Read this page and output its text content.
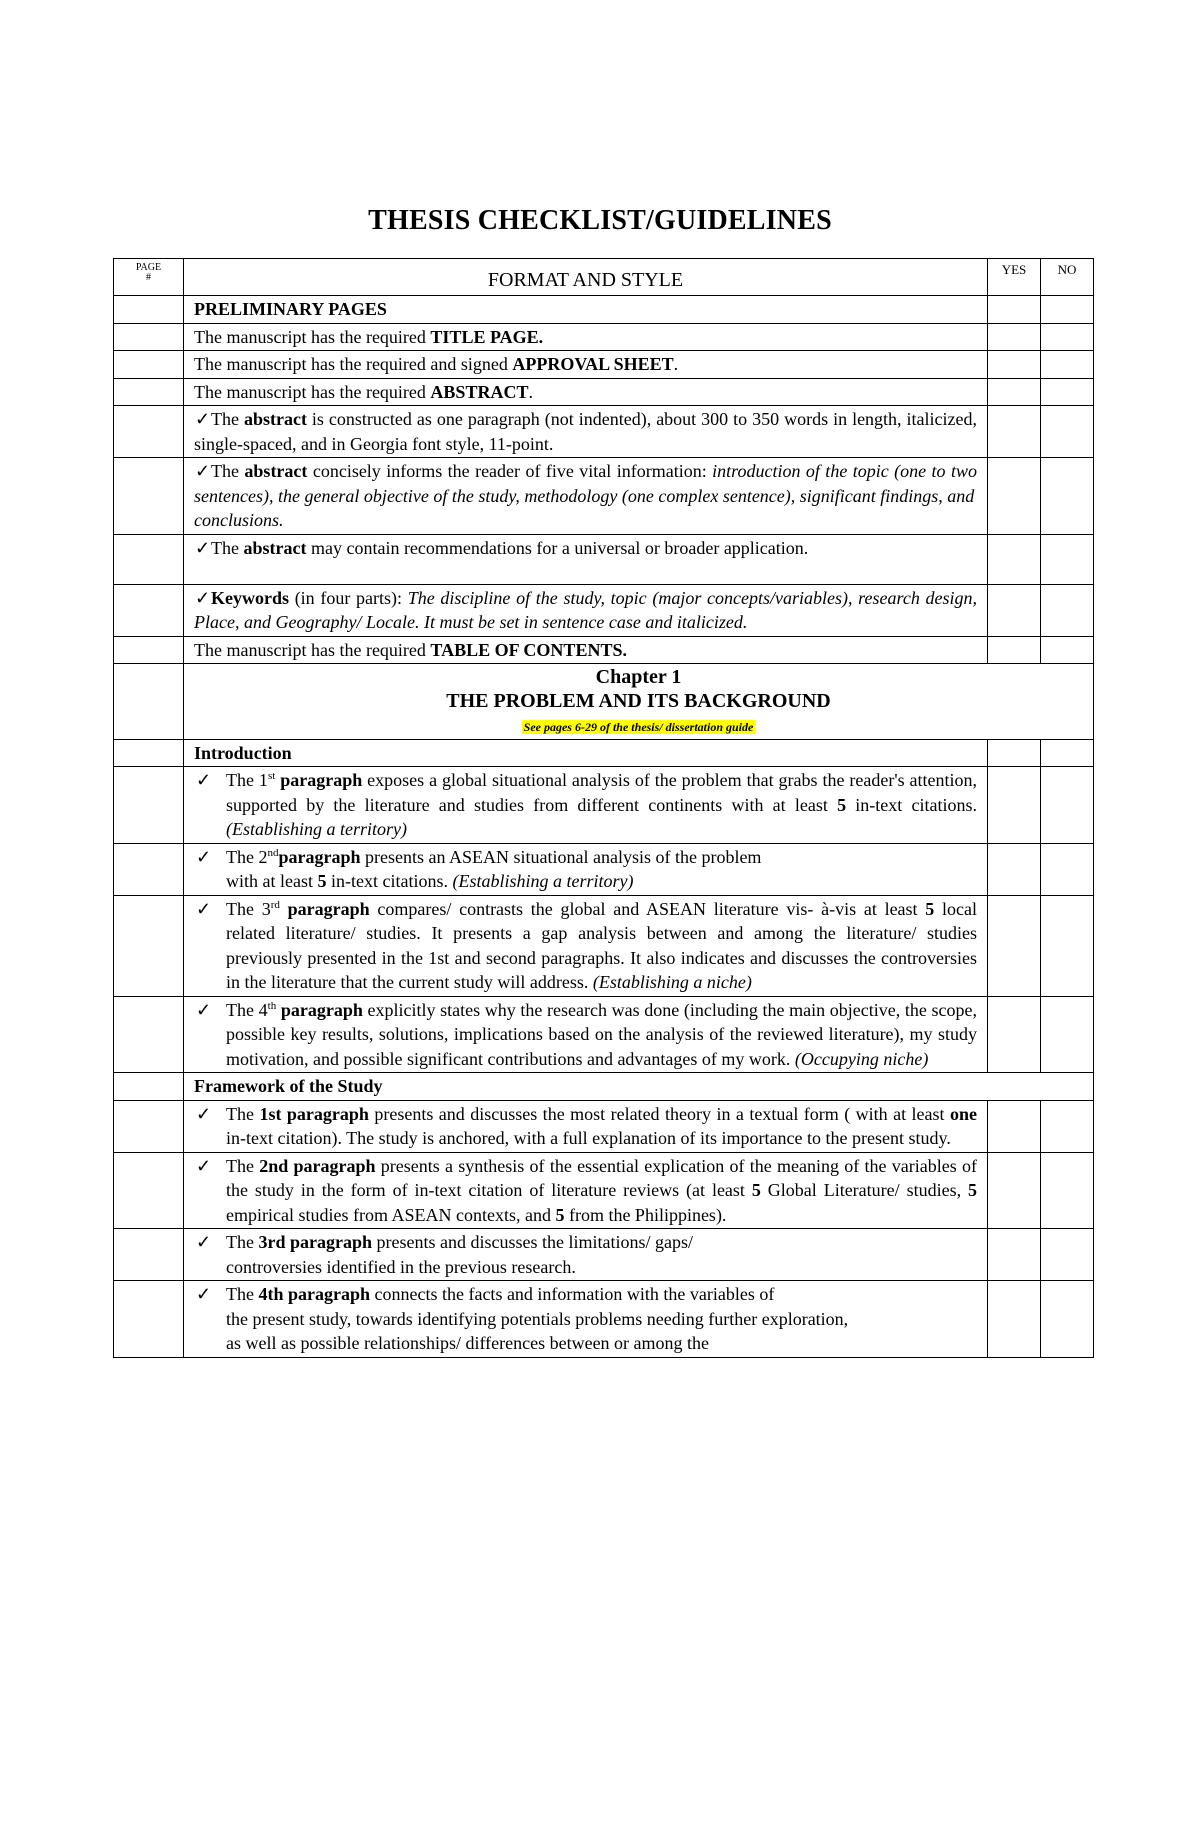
THESIS CHECKLIST/GUIDELINES
PAGE
#	FORMAT AND STYLE	YES	NO

	PRELIMINARY PAGES		
	The manuscript has the required TITLE PAGE.		
	The manuscript has the required and signed APPROVAL SHEET.		
	The manuscript has the required ABSTRACT.		
	✓The abstract is constructed as one paragraph (not indented), about 300 to 350 words in length, italicized, single-spaced, and in Georgia font style, 11-point.		
	✓The abstract concisely informs the reader of five vital information: introduction of the topic (one to two sentences), the general objective of the study, methodology (one complex sentence), significant findings, and
conclusions.		
	✓The abstract may contain recommendations for a universal or broader application.		
	✓Keywords (in four parts): The discipline of the study, topic (major concepts/variables), research design, Place, and Geography/ Locale. It must be set in sentence case and italicized.		
	The manuscript has the required TABLE OF CONTENTS.		

	Chapter 1
THE PROBLEM AND ITS BACKGROUND
See pages 6-29 of the thesis/ dissertation guide		

	Introduction		

	✓ The 1st paragraph exposes a global situational analysis of the problem that grabs the reader's attention, supported by the literature and studies from different continents with at least 5 in-text citations. (Establishing a territory)		

	✓ The 2ndparagraph presents an ASEAN situational analysis of the problem
with at least 5 in-text citations. (Establishing a territory)		

	✓ The 3rd paragraph compares/ contrasts the global and ASEAN literature vis- à-vis at least 5 local related literature/ studies. It presents a gap analysis between and among the literature/ studies previously presented in the 1st and second paragraphs. It also indicates and discusses the controversies in the literature that the current study will address. (Establishing a niche)		

	✓ The 4th paragraph explicitly states why the research was done (including the main objective, the scope, possible key results, solutions, implications based on the analysis of the reviewed literature), my study motivation, and possible significant contributions and advantages of my work. (Occupying niche)		

	Framework of the Study		

	✓ The 1st paragraph presents and discusses the most related theory in a textual form ( with at least one in-text citation). The study is anchored, with a full explanation of its importance to the present study.		

	✓ The 2nd paragraph presents a synthesis of the essential explication of the meaning of the variables of the study in the form of in-text citation of literature reviews (at least 5 Global Literature/ studies, 5 empirical studies from ASEAN contexts, and 5 from the Philippines).		

	✓ The 3rd paragraph presents and discusses the limitations/ gaps/
controversies identified in the previous research.		

	✓ The 4th paragraph connects the facts and information with the variables of
the present study, towards identifying potentials problems needing further exploration,
as well as possible relationships/ differences between or among the		
